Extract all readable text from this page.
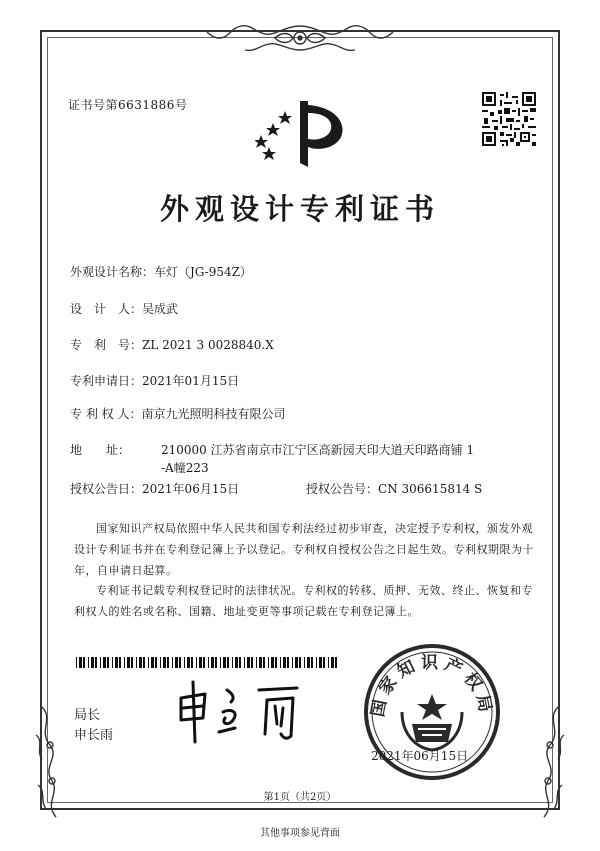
证书号第6631886号
外观设计专利证书
外观设计名称：车灯（JG-954Z）
设　计　人：吴成武
专　利　号：ZL 2021 3 0028840.X
专利申请日：2021年01月15日
专 利 权 人：南京九光照明科技有限公司
地　　址：	210000 江苏省南京市江宁区高新园天印大道天印路商铺 1
-A幢223
授权公告日：2021年06月15日	授权公告号：CN 306615814 S
国家知识产权局依照中华人民共和国专利法经过初步审查，决定授予专利权，颁发外观设计专利证书并在专利登记簿上予以登记。专利权自授权公告之日起生效。专利权期限为十年，自申请日起算。
专利证书记载专利权登记时的法律状况。专利权的转移、质押、无效、终止、恢复和专利权人的姓名或名称、国籍、地址变更等事项记载在专利登记簿上。
局长
申长雨
国家知识产权局
2021年06月15日
第1页（共2页）
其他事项参见背面
